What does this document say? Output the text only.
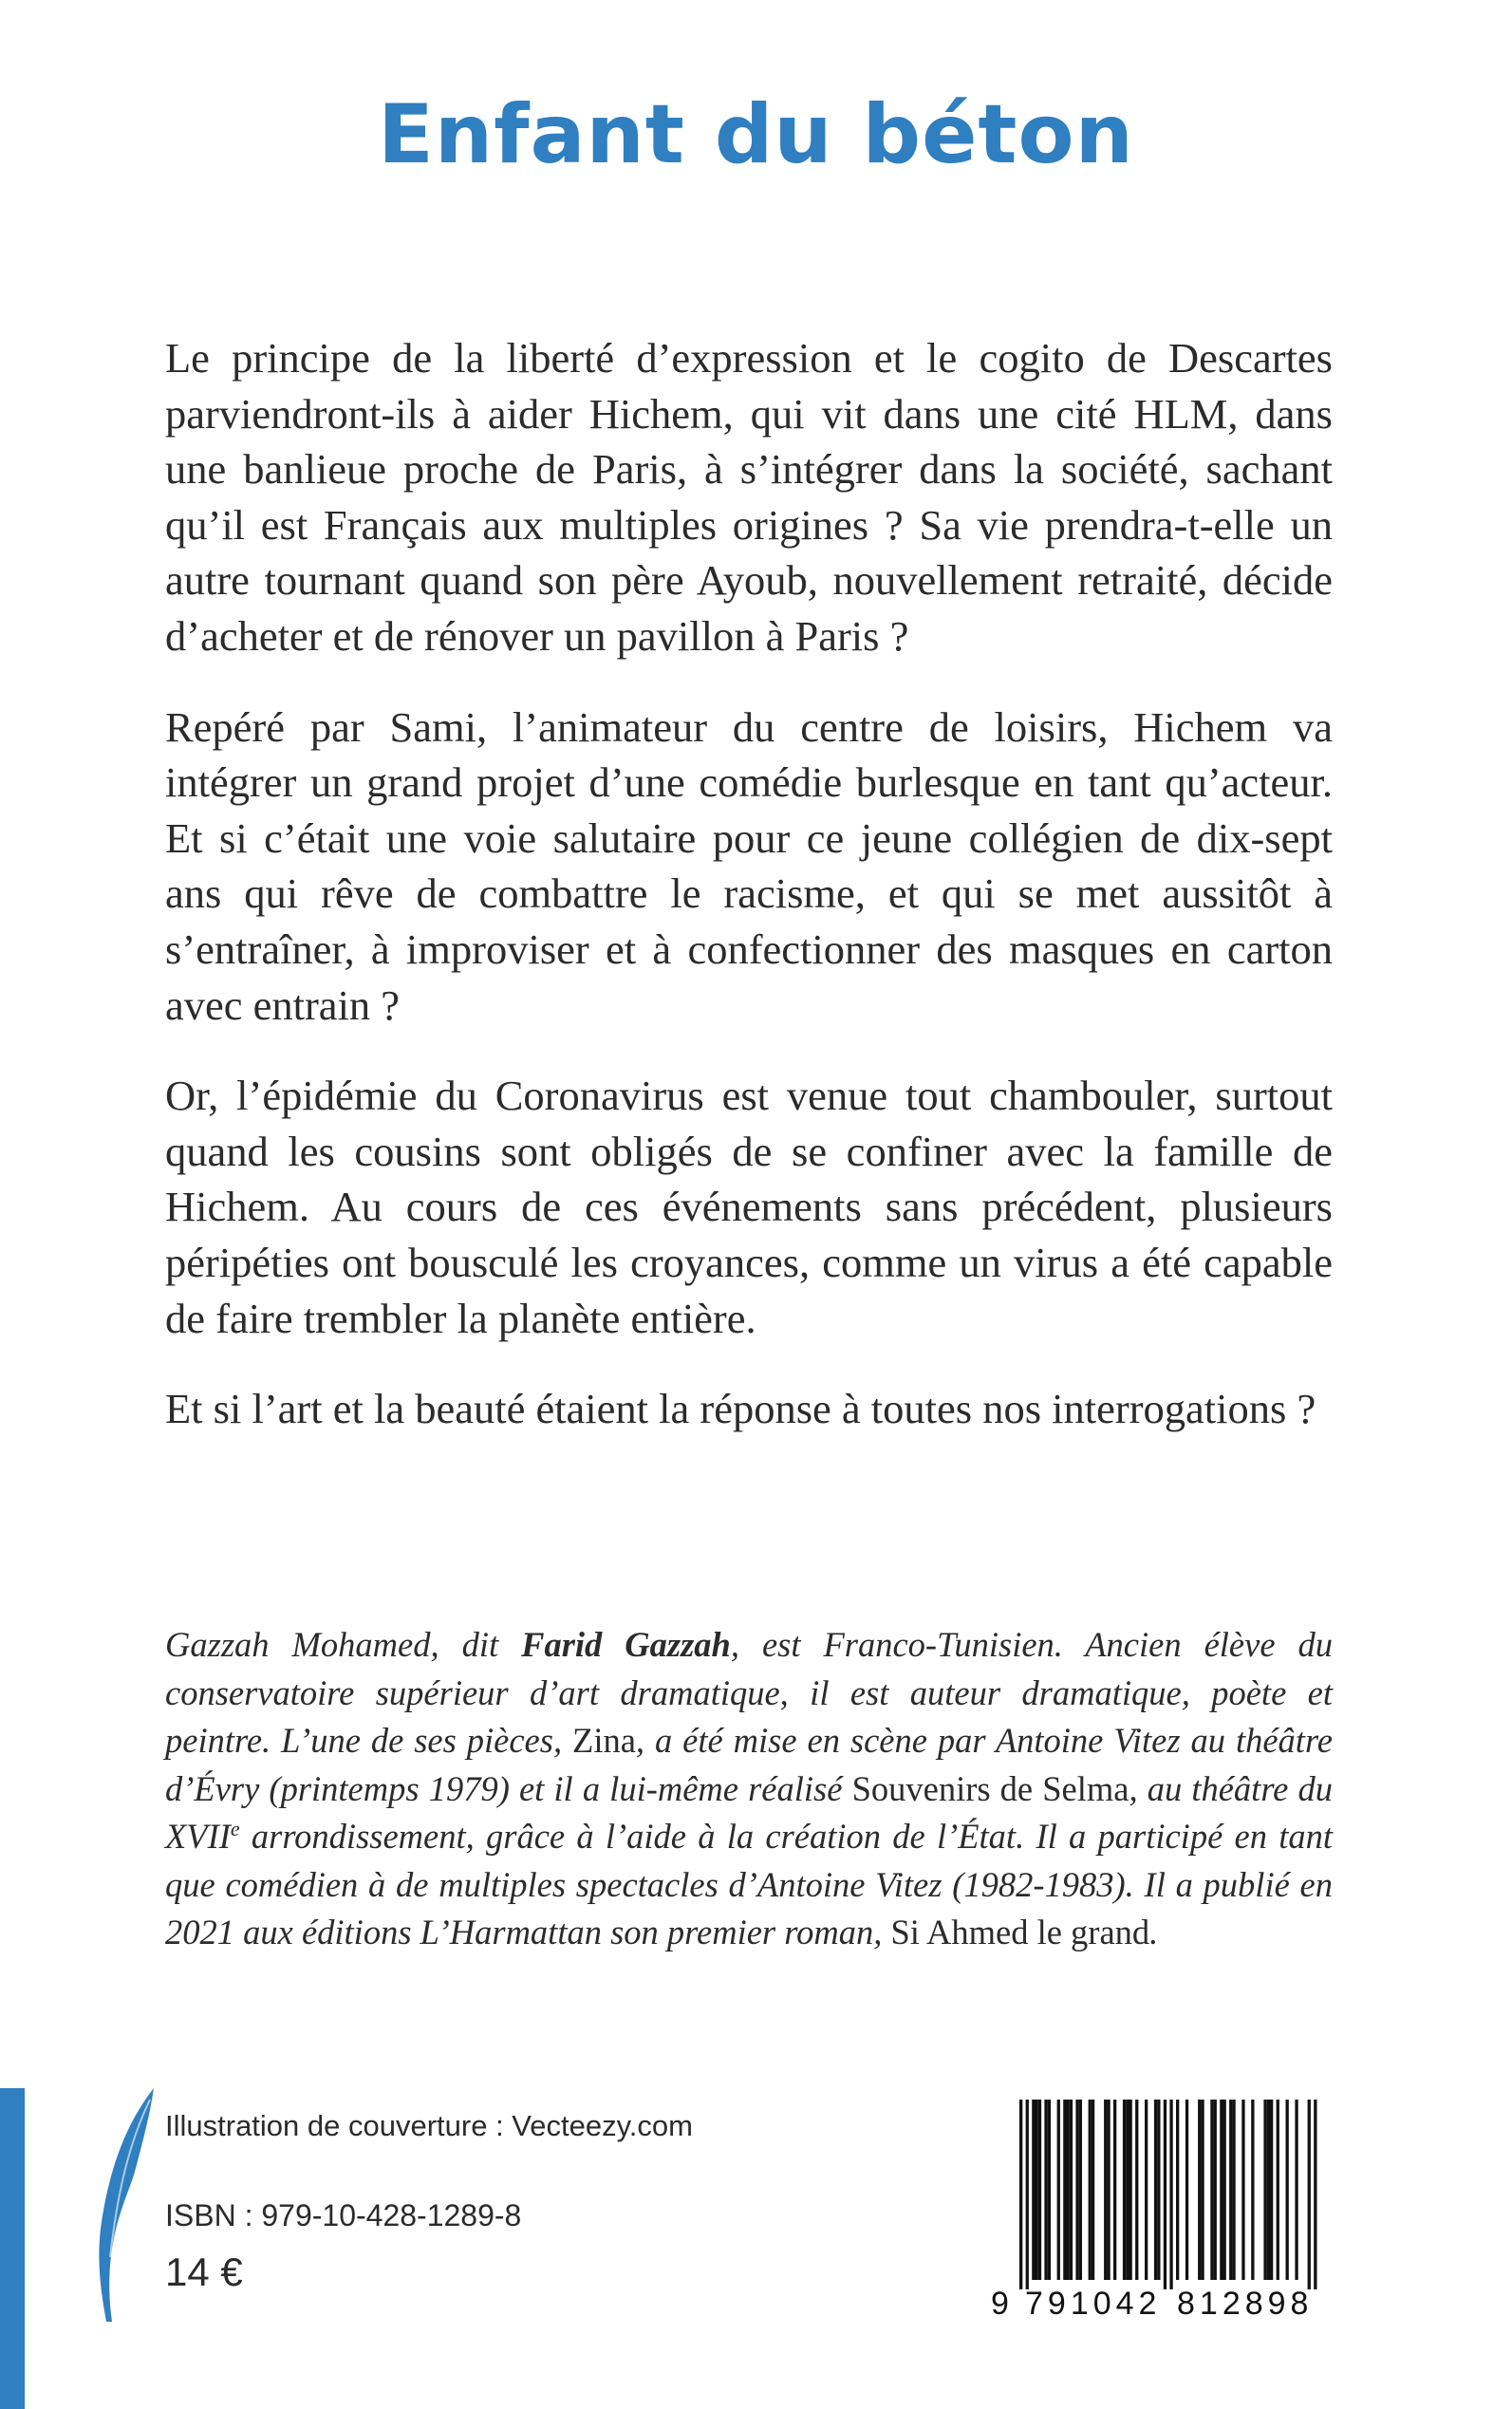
Enfant du béton

Le principe de la liberté d’expression et le cogito de Descartes parviendront-ils à aider Hichem, qui vit dans une cité HLM, dans une banlieue proche de Paris, à s’intégrer dans la société, sachant qu’il est Français aux multiples origines ? Sa vie prendra-t-elle un autre tournant quand son père Ayoub, nouvellement retraité, décide d’acheter et de rénover un pavillon à Paris ?

Repéré par Sami, l’animateur du centre de loisirs, Hichem va intégrer un grand projet d’une comédie burlesque en tant qu’acteur. Et si c’était une voie salutaire pour ce jeune collégien de dix-sept ans qui rêve de combattre le racisme, et qui se met aussitôt à s’entraîner, à improviser et à confectionner des masques en carton avec entrain ?

Or, l’épidémie du Coronavirus est venue tout chambouler, surtout quand les cousins sont obligés de se confiner avec la famille de Hichem. Au cours de ces événements sans précédent, plusieurs péripéties ont bousculé les croyances, comme un virus a été capable de faire trembler la planète entière.

Et si l’art et la beauté étaient la réponse à toutes nos interrogations ?

Gazzah Mohamed, dit Farid Gazzah, est Franco-Tunisien. Ancien élève du conservatoire supérieur d’art dramatique, il est auteur dramatique, poète et peintre. L’une de ses pièces, Zina, a été mise en scène par Antoine Vitez au théâtre d’Évry (printemps 1979) et il a lui-même réalisé Souvenirs de Selma, au théâtre du XVIIe arrondissement, grâce à l’aide à la création de l’État. Il a participé en tant que comédien à de multiples spectacles d’Antoine Vitez (1982-1983). Il a publié en 2021 aux éditions L’Harmattan son premier roman, Si Ahmed le grand.
Illustration de couverture : Vecteezy.com
ISBN : 979-10-428-1289-8
14 €
9 791042 812898
